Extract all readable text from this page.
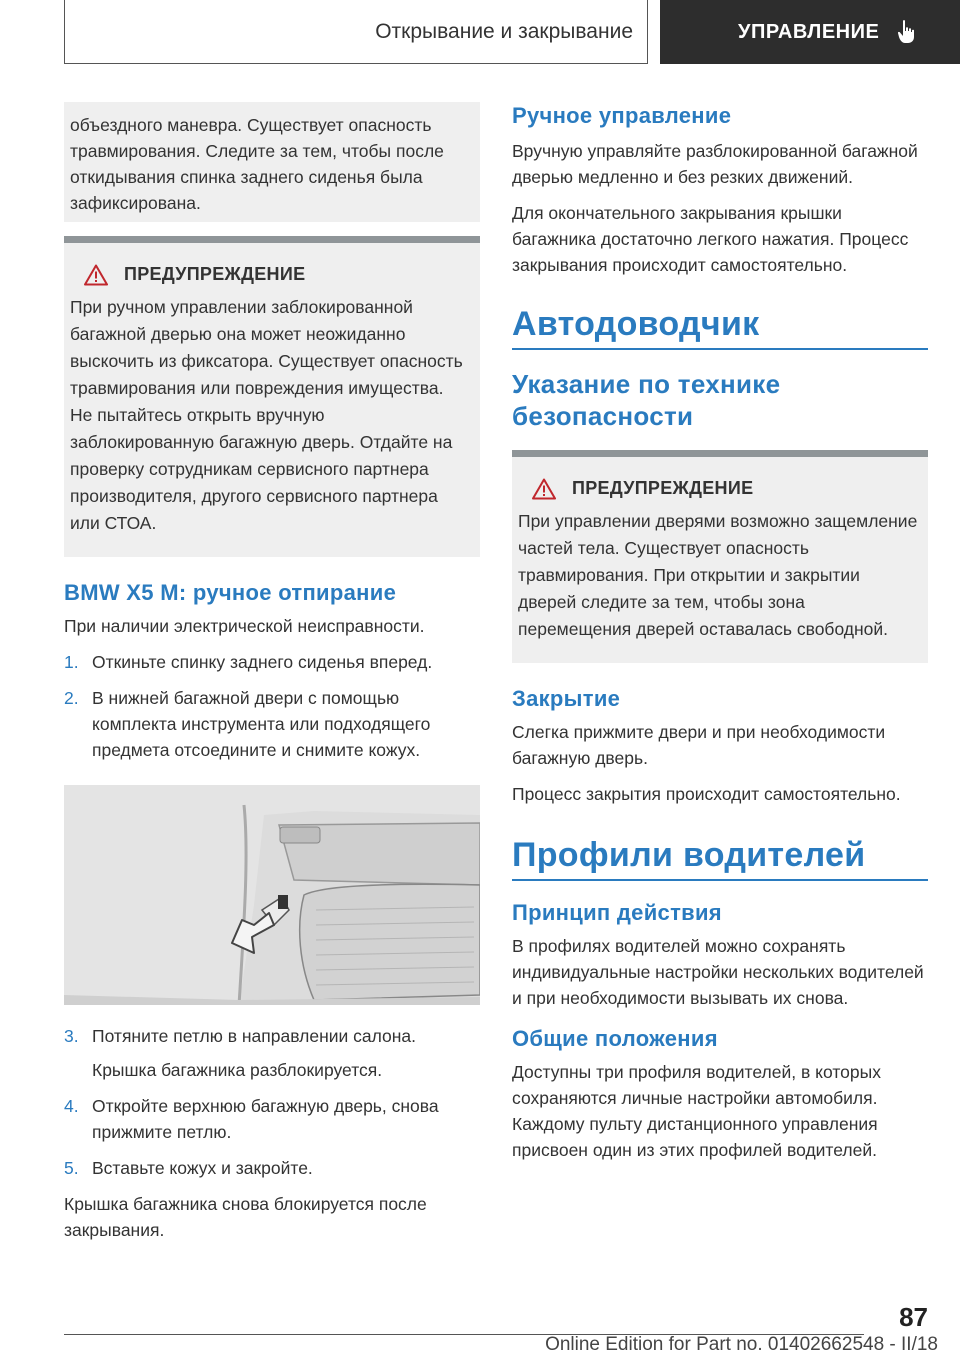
Открывание и закрывание	УПРАВЛЕНИЕ
объездного маневра. Существует опасность травмирования. Следите за тем, чтобы после откидывания спинка заднего сиденья была зафиксирована.
ПРЕДУПРЕЖДЕНИЕ
При ручном управлении заблокированной багажной дверью она может неожиданно выскочить из фиксатора. Существует опасность травмирования или повреждения имущества. Не пытайтесь открыть вручную заблокированную багажную дверь. Отдайте на проверку сотрудникам сервисного партнера производителя, другого сервисного партнера или СТОА.
BMW X5 M: ручное отпирание

При наличии электрической неисправности.

1. Откиньте спинку заднего сиденья вперед.
2. В нижней багажной двери с помощью комплекта инструмента или подходящего предмета отсоедините и снимите кожух.
3. Потяните петлю в направлении салона.

Крышка багажника разблокируется.

4. Откройте верхнюю багажную дверь, снова прижмите петлю.
5. Вставьте кожух и закройте.

Крышка багажника снова блокируется после закрывания.

Ручное управление

Вручную управляйте разблокированной багажной дверью медленно и без резких движений.

Для окончательного закрывания крышки багажника достаточно легкого нажатия. Процесс закрывания происходит самостоятельно.

Автодоводчик
Указание по технике безопасности
ПРЕДУПРЕЖДЕНИЕ
При управлении дверями возможно защемление частей тела. Существует опасность травмирования. При открытии и закрытии дверей следите за тем, чтобы зона перемещения дверей оставалась свободной.
Закрытие

Слегка прижмите двери и при необходимости багажную дверь.

Процесс закрытия происходит самостоятельно.

Профили водителей
Принцип действия

В профилях водителей можно сохранять индивидуальные настройки нескольких водителей и при необходимости вызывать их снова.

Общие положения

Доступны три профиля водителей, в которых сохраняются личные настройки автомобиля. Каждому пульту дистанционного управления присвоен один из этих профилей водителей.

87
Online Edition for Part no. 01402662548 - II/18
